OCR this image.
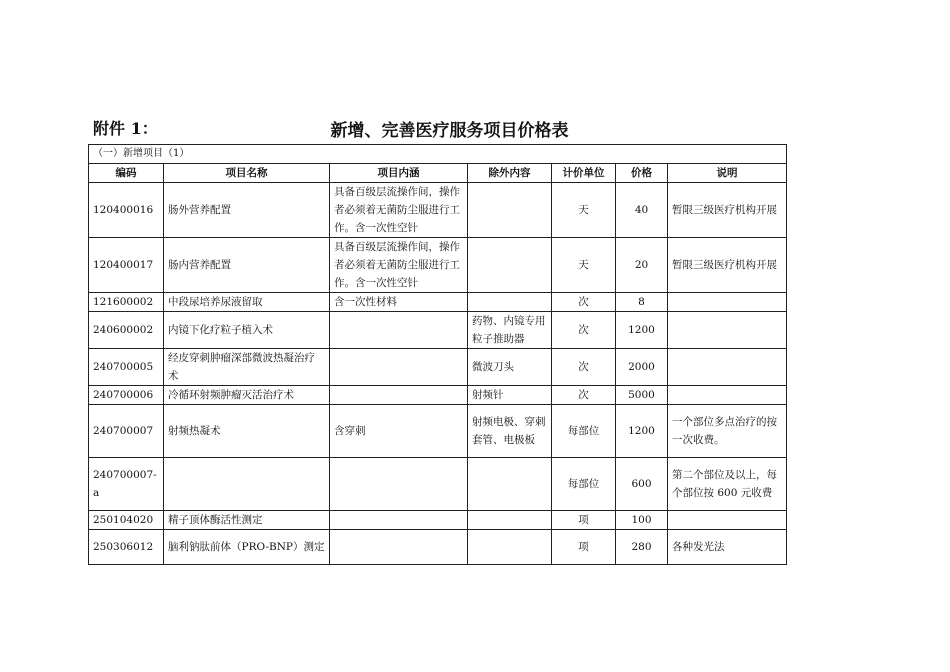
附件 1：	新增、完善医疗服务项目价格表
（一）新增项目（1）						
编码	项目名称	项目内涵	除外内容	计价单位	价格	说明
120400016	肠外营养配置	具备百级层流操作间，操作者必须着无菌防尘服进行工作。含一次性空针		天	40	暂限三级医疗机构开展
120400017	肠内营养配置	具备百级层流操作间，操作者必须着无菌防尘服进行工作。含一次性空针		天	20	暂限三级医疗机构开展
121600002	中段尿培养尿液留取	含一次性材料		次	8	
240600002	内镜下化疗粒子植入术		药物、内镜专用粒子推助器	次	1200	
240700005	经皮穿刺肿瘤深部微波热凝治疗术		微波刀头	次	2000	
240700006	冷循环射频肿瘤灭活治疗术		射频针	次	5000	
240700007	射频热凝术	含穿刺	射频电极、穿刺套管、电极板	每部位	1200	一个部位多点治疗的按一次收费。
240700007-a				每部位	600	第二个部位及以上，每个部位按 600 元收费
250104020	精子顶体酶活性测定			项	100	
250306012	脑利钠肽前体（PRO-BNP）测定			项	280	各种发光法
